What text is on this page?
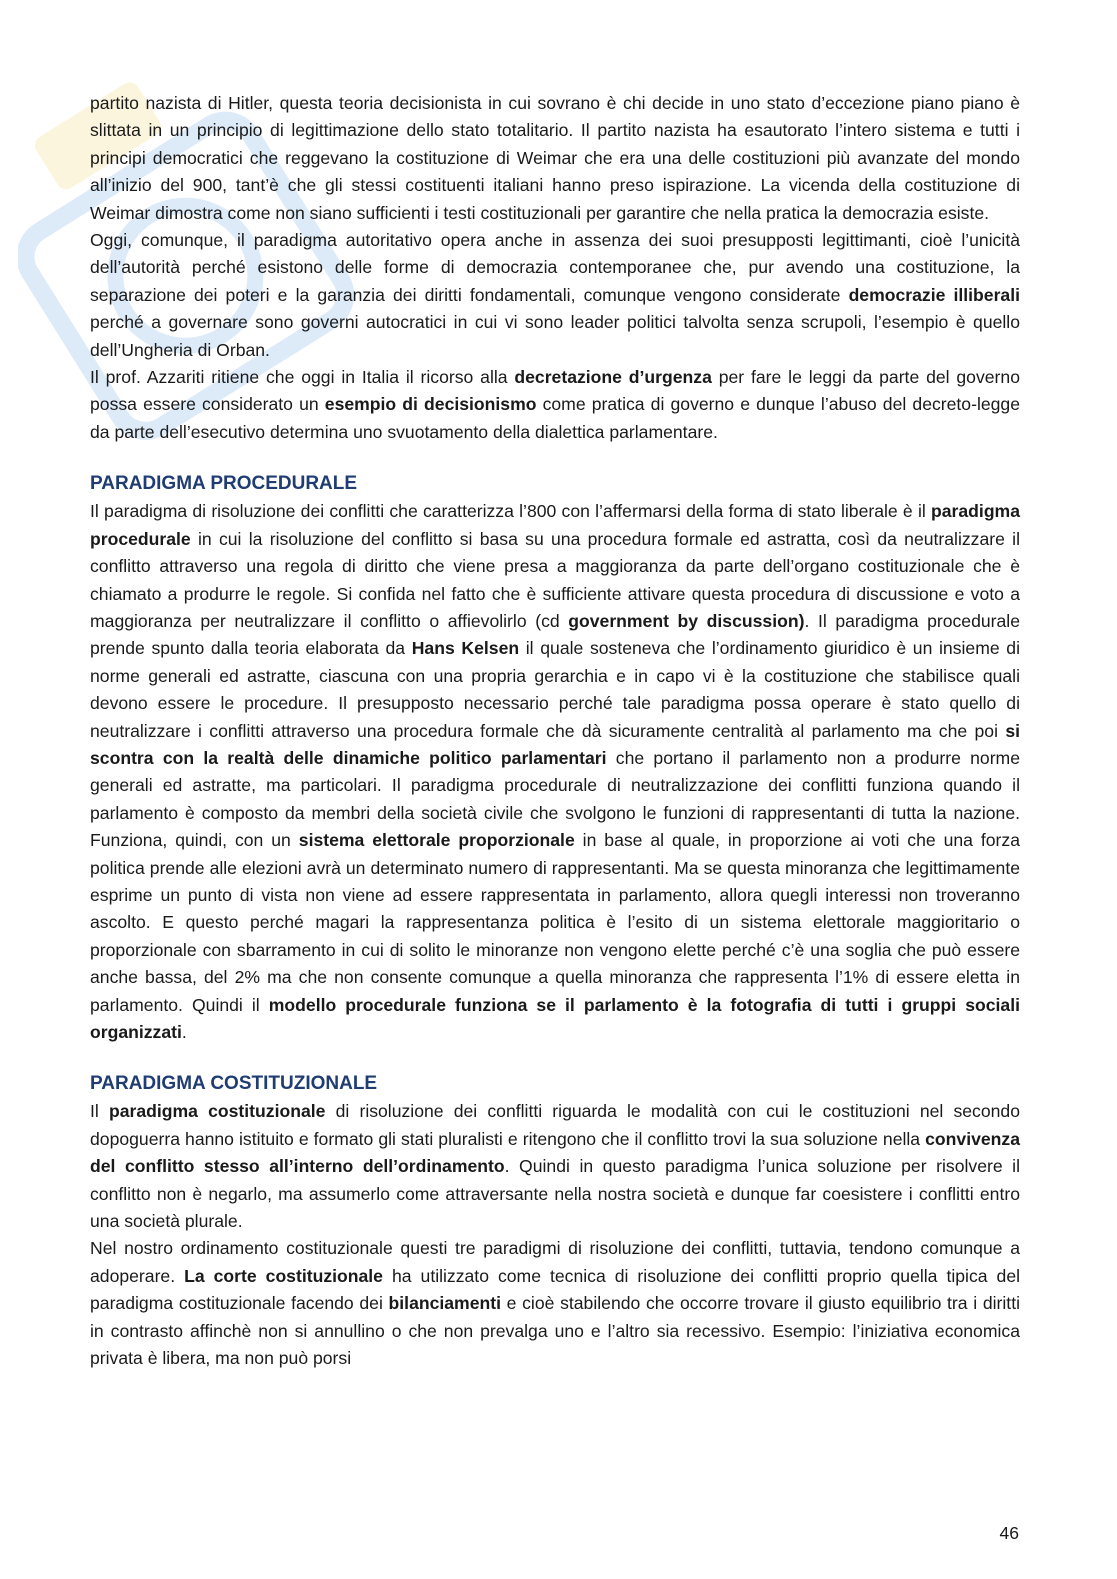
partito nazista di Hitler, questa teoria decisionista in cui sovrano è chi decide in uno stato d’eccezione piano piano è slittata in un principio di legittimazione dello stato totalitario. Il partito nazista ha esautorato l’intero sistema e tutti i principi democratici che reggevano la costituzione di Weimar che era una delle costituzioni più avanzate del mondo all’inizio del 900, tant’è che gli stessi costituenti italiani hanno preso ispirazione. La vicenda della costituzione di Weimar dimostra come non siano sufficienti i testi costituzionali per garantire che nella pratica la democrazia esiste.

Oggi, comunque, il paradigma autoritativo opera anche in assenza dei suoi presupposti legittimanti, cioè l’unicità dell’autorità perché esistono delle forme di democrazia contemporanee che, pur avendo una costituzione, la separazione dei poteri e la garanzia dei diritti fondamentali, comunque vengono considerate democrazie illiberali perché a governare sono governi autocratici in cui vi sono leader politici talvolta senza scrupoli, l’esempio è quello dell’Ungheria di Orban.

Il prof. Azzariti ritiene che oggi in Italia il ricorso alla decretazione d’urgenza per fare le leggi da parte del governo possa essere considerato un esempio di decisionismo come pratica di governo e dunque l’abuso del decreto-legge da parte dell’esecutivo determina uno svuotamento della dialettica parlamentare.

PARADIGMA PROCEDURALE

Il paradigma di risoluzione dei conflitti che caratterizza l’800 con l’affermarsi della forma di stato liberale è il paradigma procedurale in cui la risoluzione del conflitto si basa su una procedura formale ed astratta, così da neutralizzare il conflitto attraverso una regola di diritto che viene presa a maggioranza da parte dell’organo costituzionale che è chiamato a produrre le regole. Si confida nel fatto che è sufficiente attivare questa procedura di discussione e voto a maggioranza per neutralizzare il conflitto o affievolirlo (cd government by discussion). Il paradigma procedurale prende spunto dalla teoria elaborata da Hans Kelsen il quale sosteneva che l’ordinamento giuridico è un insieme di norme generali ed astratte, ciascuna con una propria gerarchia e in capo vi è la costituzione che stabilisce quali devono essere le procedure. Il presupposto necessario perché tale paradigma possa operare è stato quello di neutralizzare i conflitti attraverso una procedura formale che dà sicuramente centralità al parlamento ma che poi si scontra con la realtà delle dinamiche politico parlamentari che portano il parlamento non a produrre norme generali ed astratte, ma particolari. Il paradigma procedurale di neutralizzazione dei conflitti funziona quando il parlamento è composto da membri della società civile che svolgono le funzioni di rappresentanti di tutta la nazione. Funziona, quindi, con un sistema elettorale proporzionale in base al quale, in proporzione ai voti che una forza politica prende alle elezioni avrà un determinato numero di rappresentanti. Ma se questa minoranza che legittimamente esprime un punto di vista non viene ad essere rappresentata in parlamento, allora quegli interessi non troveranno ascolto. E questo perché magari la rappresentanza politica è l’esito di un sistema elettorale maggioritario o proporzionale con sbarramento in cui di solito le minoranze non vengono elette perché c’è una soglia che può essere anche bassa, del 2% ma che non consente comunque a quella minoranza che rappresenta l’1% di essere eletta in parlamento. Quindi il modello procedurale funziona se il parlamento è la fotografia di tutti i gruppi sociali organizzati.

PARADIGMA COSTITUZIONALE

Il paradigma costituzionale di risoluzione dei conflitti riguarda le modalità con cui le costituzioni nel secondo dopoguerra hanno istituito e formato gli stati pluralisti e ritengono che il conflitto trovi la sua soluzione nella convivenza del conflitto stesso all’interno dell’ordinamento. Quindi in questo paradigma l’unica soluzione per risolvere il conflitto non è negarlo, ma assumerlo come attraversante nella nostra società e dunque far coesistere i conflitti entro una società plurale.

Nel nostro ordinamento costituzionale questi tre paradigmi di risoluzione dei conflitti, tuttavia, tendono comunque a adoperare. La corte costituzionale ha utilizzato come tecnica di risoluzione dei conflitti proprio quella tipica del paradigma costituzionale facendo dei bilanciamenti e cioè stabilendo che occorre trovare il giusto equilibrio tra i diritti in contrasto affinchè non si annullino o che non prevalga uno e l’altro sia recessivo. Esempio: l’iniziativa economica privata è libera, ma non può porsi

46
